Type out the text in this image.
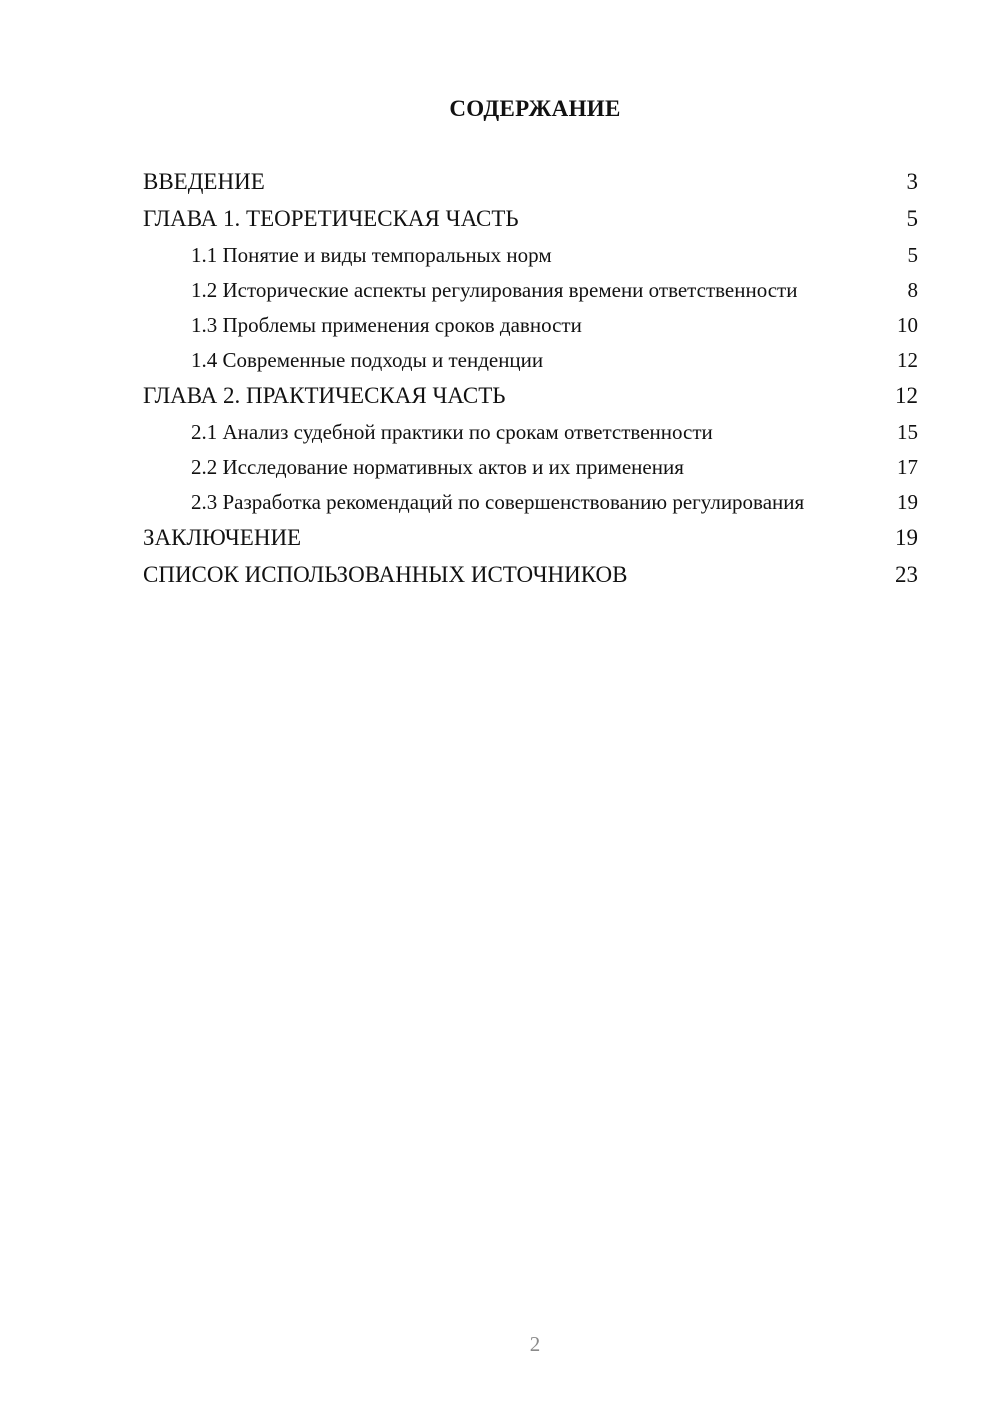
СОДЕРЖАНИЕ
ВВЕДЕНИЕ	3
ГЛАВА 1. ТЕОРЕТИЧЕСКАЯ ЧАСТЬ	5
1.1 Понятие и виды темпоральных норм	5
1.2 Исторические аспекты регулирования времени ответственности	8
1.3 Проблемы применения сроков давности	10
1.4 Современные подходы и тенденции	12
ГЛАВА 2. ПРАКТИЧЕСКАЯ ЧАСТЬ	12
2.1 Анализ судебной практики по срокам ответственности	15
2.2 Исследование нормативных актов и их применения	17
2.3 Разработка рекомендаций по совершенствованию регулирования	19
ЗАКЛЮЧЕНИЕ	19
СПИСОК ИСПОЛЬЗОВАННЫХ ИСТОЧНИКОВ	23
2
